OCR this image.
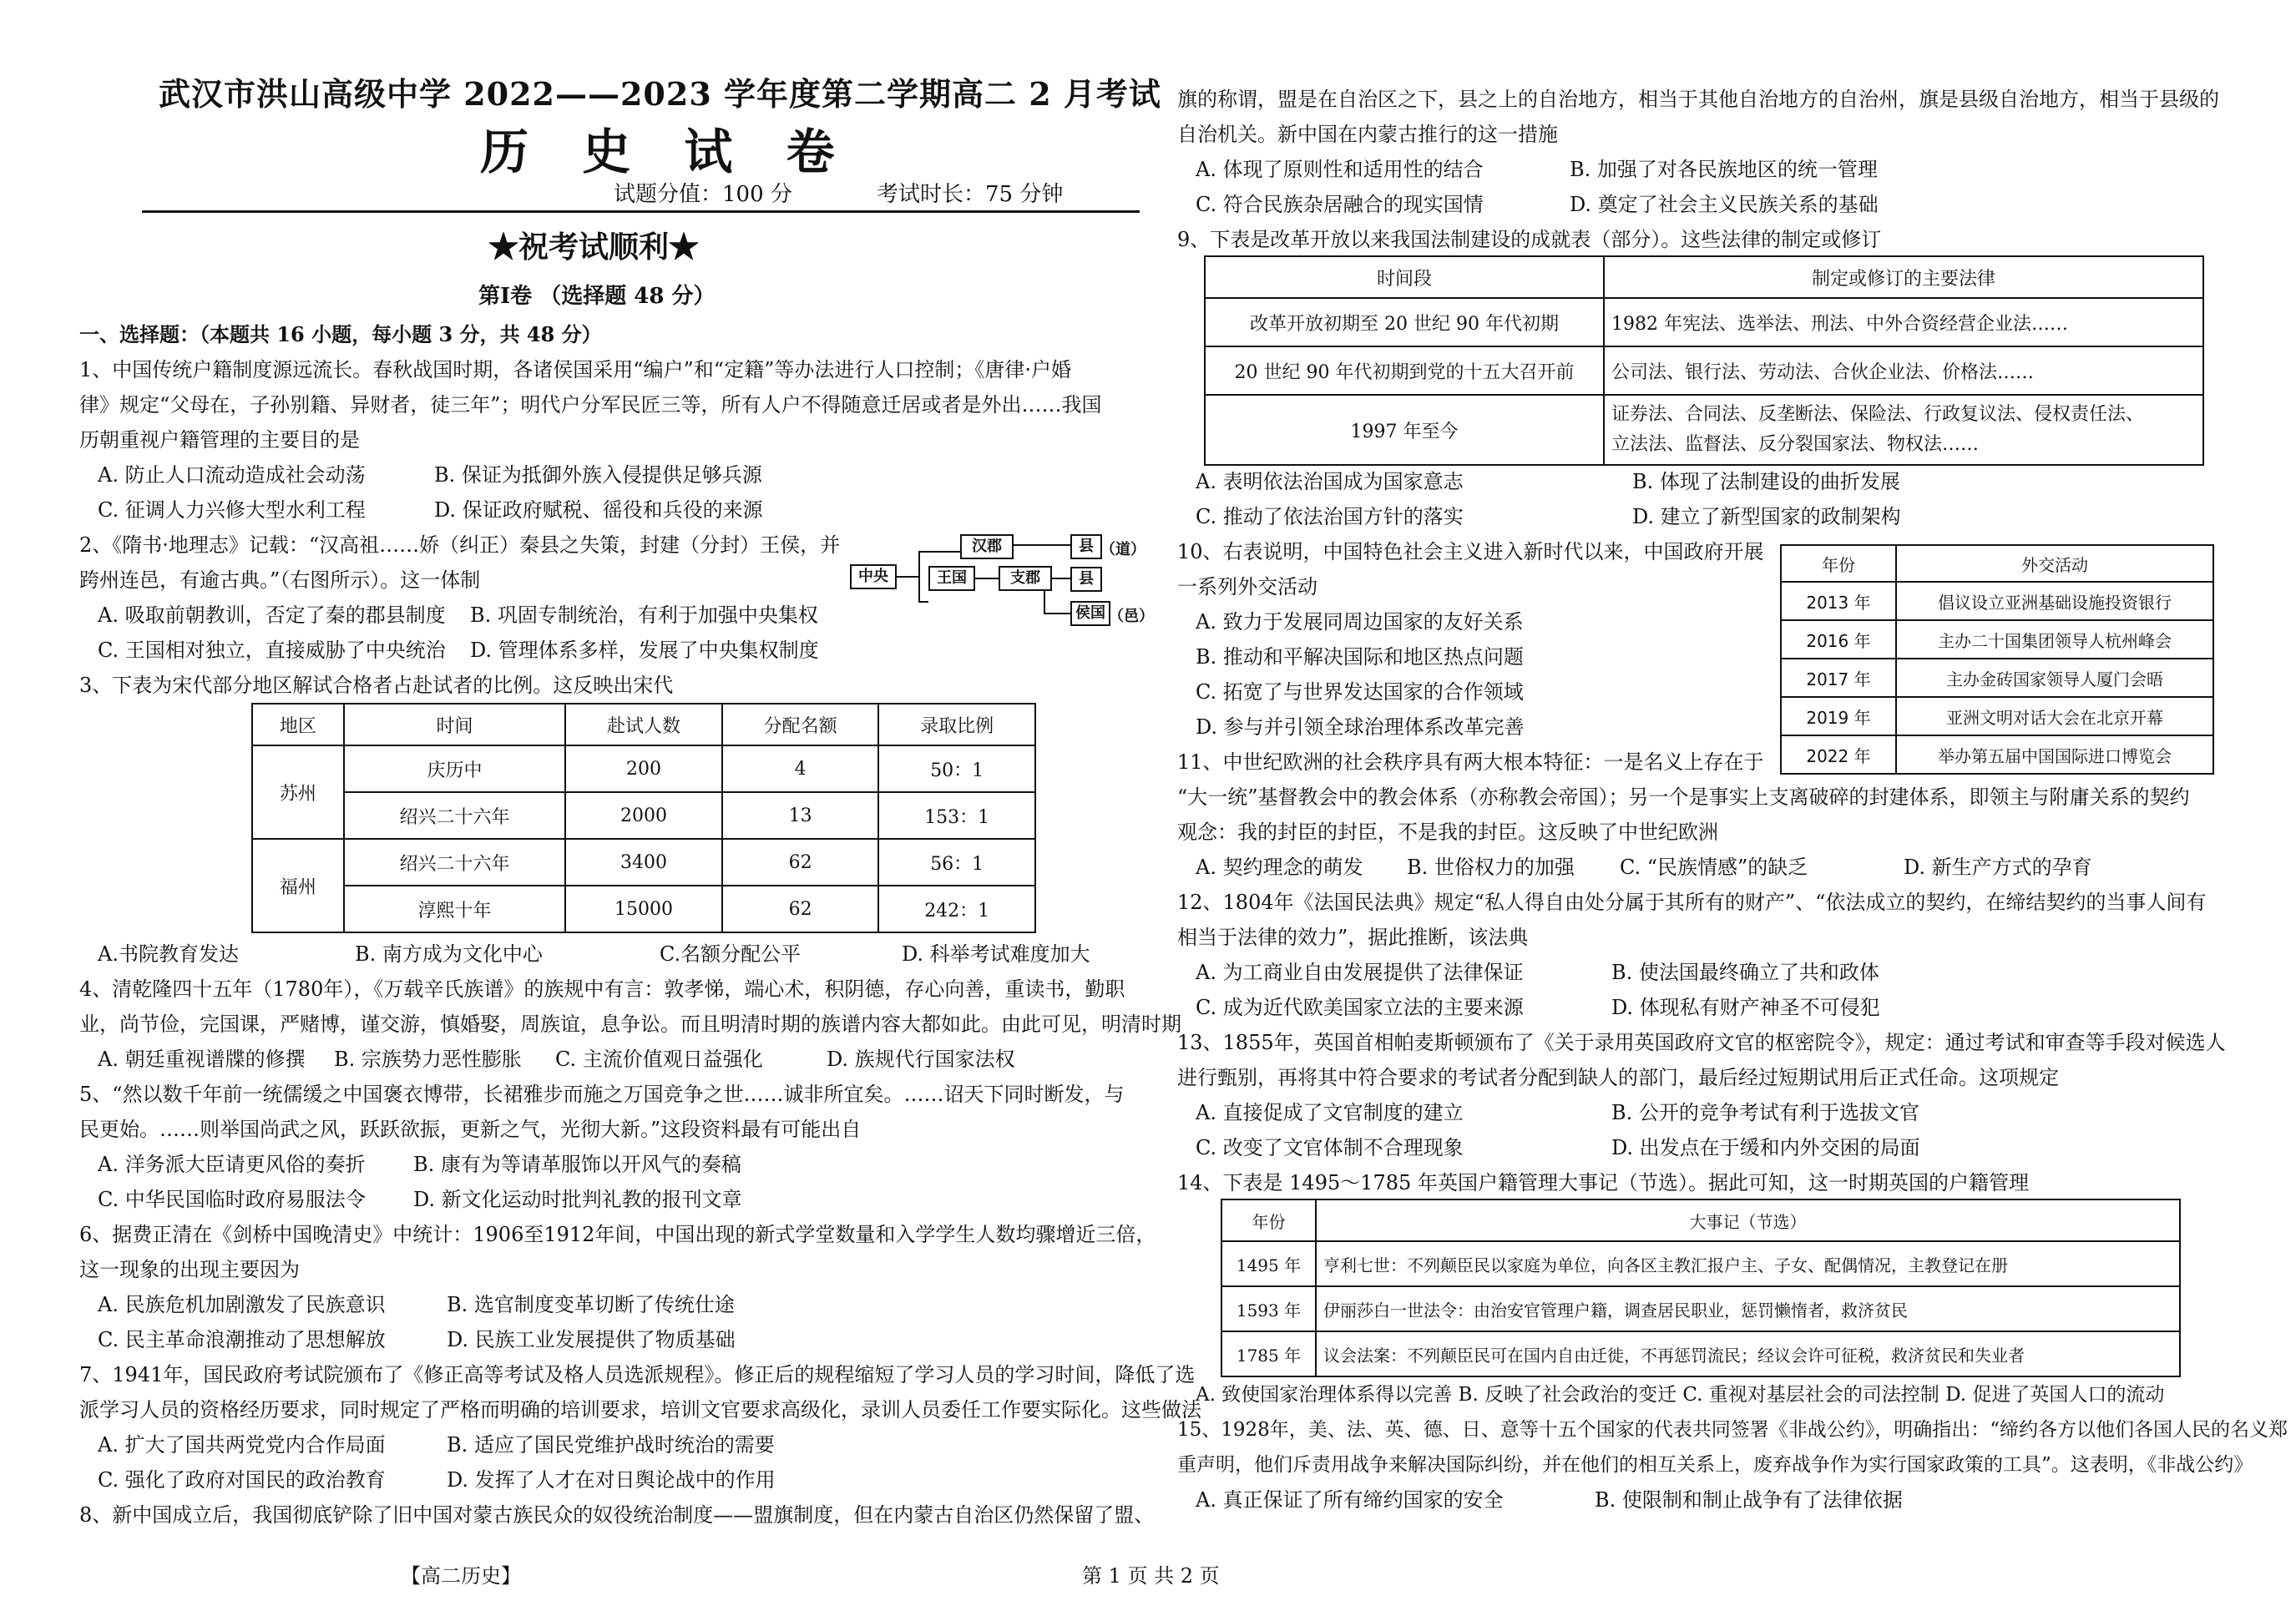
武汉市洪山高级中学 2022——2023 学年度第二学期高二 2 月考试
历 史 试 卷
试题分值：100 分	考试时长：75 分钟
★祝考试顺利★
第Ⅰ卷 （选择题 48 分）
一、选择题：（本题共 16 小题，每小题 3 分，共 48 分）
1、中国传统户籍制度源远流长。春秋战国时期，各诸侯国采用“编户”和“定籍”等办法进行人口控制；《唐律·户婚
律》规定“父母在，子孙别籍、异财者，徒三年”；明代户分军民匠三等，所有人户不得随意迁居或者是外出……我国
历朝重视户籍管理的主要目的是
A. 防止人口流动造成社会动荡	B. 保证为抵御外族入侵提供足够兵源
C. 征调人力兴修大型水利工程	D. 保证政府赋税、徭役和兵役的来源
2、《隋书·地理志》记载：“汉高祖……娇（纠正）秦县之失策，封建（分封）王侯，并
跨州连邑，有逾古典。”（右图所示）。这一体制
A. 吸取前朝教训，否定了秦的郡县制度 B. 巩固专制统治，有利于加强中央集权
C. 王国相对独立，直接威胁了中央统治 D. 管理体系多样，发展了中央集权制度
3、下表为宋代部分地区解试合格者占赴试者的比例。这反映出宋代
地区	时间	赴试人数	分配名额	录取比例
苏州	庆历中	200	4	50：1
	绍兴二十六年	2000	13	153：1
福州	绍兴二十六年	3400	62	56：1
	淳熙十年	15000	62	242：1
A.书院教育发达	B. 南方成为文化中心	C.名额分配公平	D. 科举考试难度加大
4、清乾隆四十五年（1780年），《万载辛氏族谱》的族规中有言：敦孝悌，端心术，积阴德，存心向善，重读书，勤职
业，尚节俭，完国课，严赌博，谨交游，慎婚娶，周族谊，息争讼。而且明清时期的族谱内容大都如此。由此可见，明清时期
A. 朝廷重视谱牒的修撰 B. 宗族势力恶性膨胀 C. 主流价值观日益强化	D. 族规代行国家法权
5、“然以数千年前一统儒缓之中国褒衣博带，长裙雅步而施之万国竞争之世……诚非所宜矣。……诏天下同时断发，与
民更始。……则举国尚武之风，跃跃欲振，更新之气，光彻大新。”这段资料最有可能出自
A. 洋务派大臣请更风俗的奏折 B. 康有为等请革服饰以开风气的奏稿
C. 中华民国临时政府易服法令 D. 新文化运动时批判礼教的报刊文章
6、据费正清在《剑桥中国晚清史》中统计：1906至1912年间，中国出现的新式学堂数量和入学学生人数均骤增近三倍，
这一现象的出现主要因为
A. 民族危机加剧激发了民族意识	B. 选官制度变革切断了传统仕途
C. 民主革命浪潮推动了思想解放	D. 民族工业发展提供了物质基础
7、1941年，国民政府考试院颁布了《修正高等考试及格人员选派规程》。修正后的规程缩短了学习人员的学习时间，降低了选
派学习人员的资格经历要求，同时规定了严格而明确的培训要求，培训文官要求高级化，录训人员委任工作要实际化。这些做法
A. 扩大了国共两党党内合作局面	B. 适应了国民党维护战时统治的需要
C. 强化了政府对国民的政治教育	D. 发挥了人才在对日舆论战中的作用
8、新中国成立后，我国彻底铲除了旧中国对蒙古族民众的奴役统治制度——盟旗制度，但在内蒙古自治区仍然保留了盟、
【高二历史】
中央
汉郡
王国	支郡
县 （道）
县
侯国 （邑）
旗的称谓，盟是在自治区之下，县之上的自治地方，相当于其他自治地方的自治州，旗是县级自治地方，相当于县级的
自治机关。新中国在内蒙古推行的这一措施
A. 体现了原则性和适用性的结合	B. 加强了对各民族地区的统一管理
C. 符合民族杂居融合的现实国情	D. 奠定了社会主义民族关系的基础
9、下表是改革开放以来我国法制建设的成就表（部分）。这些法律的制定或修订
时间段	制定或修订的主要法律
改革开放初期至 20 世纪 90 年代初期	1982 年宪法、选举法、刑法、中外合资经营企业法……
20 世纪 90 年代初期到党的十五大召开前	公司法、银行法、劳动法、合伙企业法、价格法……
1997 年至今	证券法、合同法、反垄断法、保险法、行政复议法、侵权责任法、
立法法、监督法、反分裂国家法、物权法……
A. 表明依法治国成为国家意志	B. 体现了法制建设的曲折发展
C. 推动了依法治国方针的落实	D. 建立了新型国家的政制架构
10、右表说明，中国特色社会主义进入新时代以来，中国政府开展
一系列外交活动
A. 致力于发展同周边国家的友好关系
B. 推动和平解决国际和地区热点问题
C. 拓宽了与世界发达国家的合作领域
D. 参与并引领全球治理体系改革完善
年份	外交活动
2013 年	倡议设立亚洲基础设施投资银行
2016 年	主办二十国集团领导人杭州峰会
2017 年	主办金砖国家领导人厦门会晤
2019 年	亚洲文明对话大会在北京开幕
2022 年	举办第五届中国国际进口博览会
11、中世纪欧洲的社会秩序具有两大根本特征：一是名义上存在于
“大一统”基督教会中的教会体系（亦称教会帝国）；另一个是事实上支离破碎的封建体系，即领主与附庸关系的契约
观念：我的封臣的封臣，不是我的封臣。这反映了中世纪欧洲
A. 契约理念的萌发 B. 世俗权力的加强 C. “民族情感”的缺乏	D. 新生产方式的孕育
12、1804年《法国民法典》规定“私人得自由处分属于其所有的财产”、“依法成立的契约，在缔结契约的当事人间有
相当于法律的效力”，据此推断，该法典
A. 为工商业自由发展提供了法律保证	B. 使法国最终确立了共和政体
C. 成为近代欧美国家立法的主要来源	D. 体现私有财产神圣不可侵犯
13、1855年，英国首相帕麦斯顿颁布了《关于录用英国政府文官的枢密院令》，规定：通过考试和审查等手段对候选人
进行甄别，再将其中符合要求的考试者分配到缺人的部门，最后经过短期试用后正式任命。这项规定
A. 直接促成了文官制度的建立	B. 公开的竞争考试有利于选拔文官
C. 改变了文官体制不合理现象	D. 出发点在于缓和内外交困的局面
14、下表是 1495～1785 年英国户籍管理大事记（节选）。据此可知，这一时期英国的户籍管理
年份	大事记（节选）
1495 年	亨利七世：不列颠臣民以家庭为单位，向各区主教汇报户主、子女、配偶情况，主教登记在册
1593 年	伊丽莎白一世法令：由治安官管理户籍，调查居民职业，惩罚懒惰者，救济贫民
1785 年	议会法案：不列颠臣民可在国内自由迁徙，不再惩罚流民；经议会许可征税，救济贫民和失业者
A. 致使国家治理体系得以完善 B. 反映了社会政治的变迁 C. 重视对基层社会的司法控制 D. 促进了英国人口的流动
15、1928年，美、法、英、德、日、意等十五个国家的代表共同签署《非战公约》，明确指出：“缔约各方以他们各国人民的名义郑
重声明，他们斥责用战争来解决国际纠纷，并在他们的相互关系上，废弃战争作为实行国家政策的工具”。这表明，《非战公约》
A. 真正保证了所有缔约国家的安全	B. 使限制和制止战争有了法律依据
第 1 页 共 2 页
